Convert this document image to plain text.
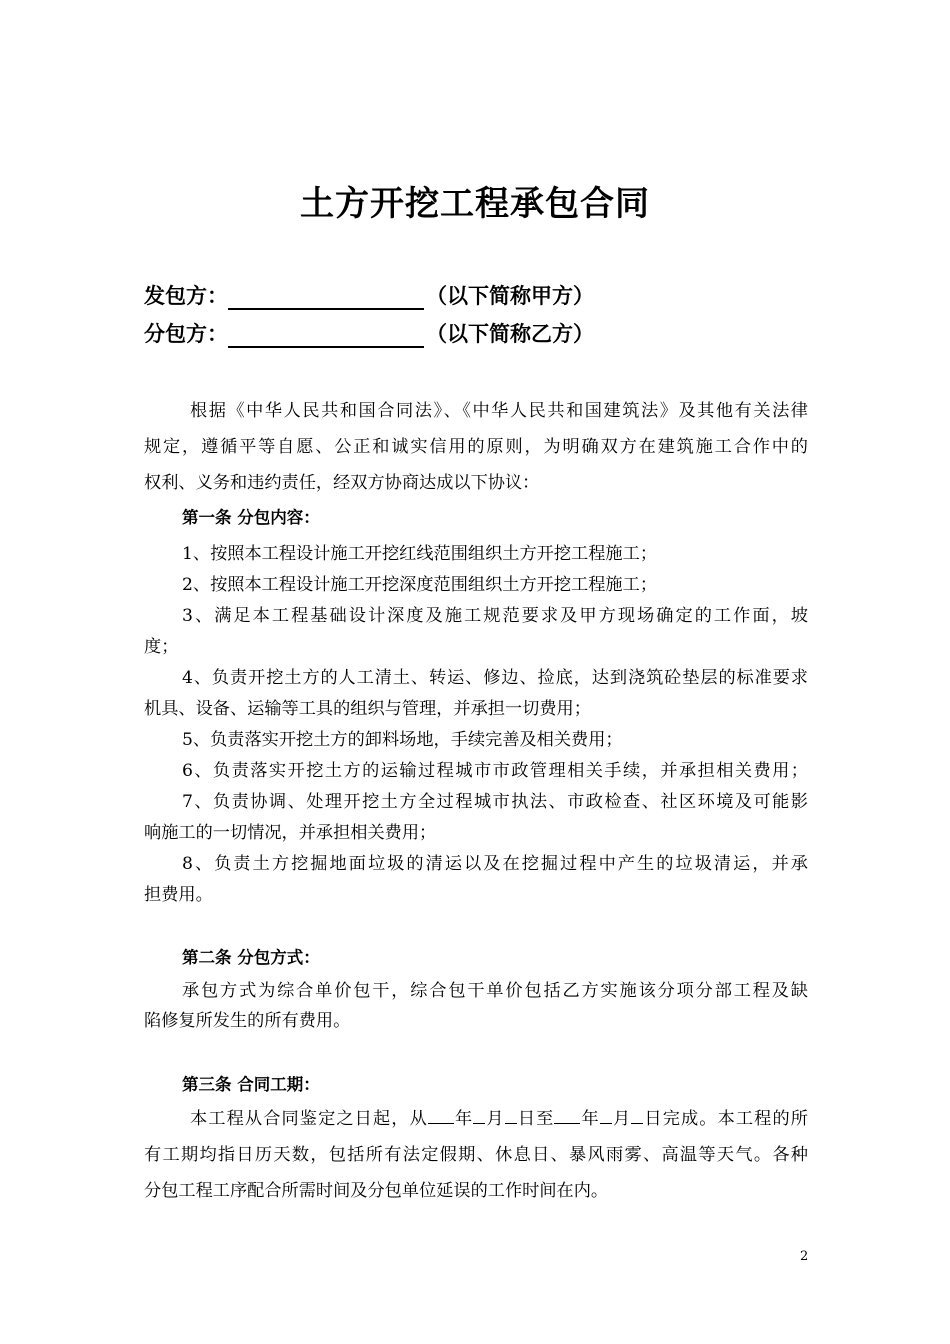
土方开挖工程承包合同
发包方：	（以下简称甲方）
分包方：	（以下简称乙方）
根据《中华人民共和国合同法》、《中华人民共和国建筑法》及其他有关法律
规定，遵循平等自愿、公正和诚实信用的原则，为明确双方在建筑施工合作中的
权利、义务和违约责任，经双方协商达成以下协议：
第一条 分包内容：
1、按照本工程设计施工开挖红线范围组织土方开挖工程施工；
2、按照本工程设计施工开挖深度范围组织土方开挖工程施工；
3、满足本工程基础设计深度及施工规范要求及甲方现场确定的工作面，坡
度；
4、负责开挖土方的人工清土、转运、修边、捡底，达到浇筑砼垫层的标准要求
机具、设备、运输等工具的组织与管理，并承担一切费用；
5、负责落实开挖土方的卸料场地，手续完善及相关费用；
6、负责落实开挖土方的运输过程城市市政管理相关手续，并承担相关费用；
7、负责协调、处理开挖土方全过程城市执法、市政检查、社区环境及可能影
响施工的一切情况，并承担相关费用；
8、负责土方挖掘地面垃圾的清运以及在挖掘过程中产生的垃圾清运，并承
担费用。
第二条 分包方式：
承包方式为综合单价包干，综合包干单价包括乙方实施该分项分部工程及缺
陷修复所发生的所有费用。
第三条 合同工期：
本工程从合同鉴定之日起，从 年 月 日至 年 月 日完成。本工程的所
有工期均指日历天数，包括所有法定假期、休息日、暴风雨雾、高温等天气。各种
分包工程工序配合所需时间及分包单位延误的工作时间在内。
2
